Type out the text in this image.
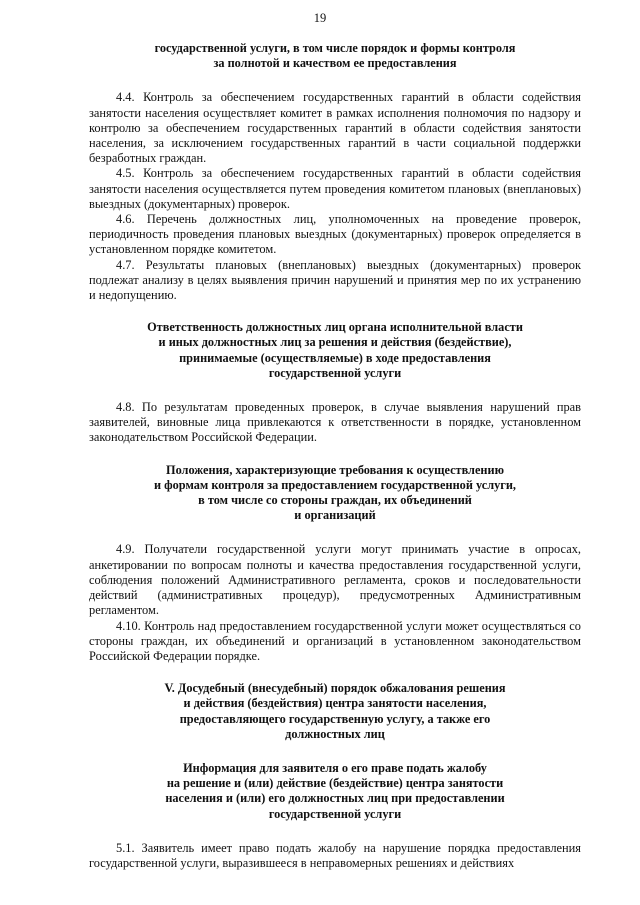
19
государственной услуги, в том числе порядок и формы контроля
за полнотой и качеством ее предоставления

4.4. Контроль за обеспечением государственных гарантий в области содействия занятости населения осуществляет комитет в рамках исполнения полномочия по надзору и контролю за обеспечением государственных гарантий в области содействия занятости населения, за исключением государственных гарантий в части социальной поддержки безработных граждан.

4.5. Контроль за обеспечением государственных гарантий в области содействия занятости населения осуществляется путем проведения комитетом плановых (внеплановых) выездных (документарных) проверок.

4.6. Перечень должностных лиц, уполномоченных на проведение проверок, периодичность проведения плановых выездных (документарных) проверок определяется в установленном порядке комитетом.

4.7. Результаты плановых (внеплановых) выездных (документарных) проверок подлежат анализу в целях выявления причин нарушений и принятия мер по их устранению и недопущению.

Ответственность должностных лиц органа исполнительной власти
и иных должностных лиц за решения и действия (бездействие),
принимаемые (осуществляемые) в ходе предоставления
государственной услуги

4.8. По результатам проведенных проверок, в случае выявления нарушений прав заявителей, виновные лица привлекаются к ответственности в порядке, установленном законодательством Российской Федерации.

Положения, характеризующие требования к осуществлению
и формам контроля за предоставлением государственной услуги,
в том числе со стороны граждан, их объединений
и организаций

4.9. Получатели государственной услуги могут принимать участие в опросах, анкетировании по вопросам полноты и качества предоставления государственной услуги, соблюдения положений Административного регламента, сроков и последовательности действий (административных процедур), предусмотренных Административным регламентом.

4.10. Контроль над предоставлением государственной услуги может осуществляться со стороны граждан, их объединений и организаций в установленном законодательством Российской Федерации порядке.

V. Досудебный (внесудебный) порядок обжалования решения
и действия (бездействия) центра занятости населения,
предоставляющего государственную услугу, а также его
должностных лиц
Информация для заявителя о его праве подать жалобу
на решение и (или) действие (бездействие) центра занятости
населения и (или) его должностных лиц при предоставлении
государственной услуги

5.1. Заявитель имеет право подать жалобу на нарушение порядка предоставления государственной услуги, выразившееся в неправомерных решениях и действиях
